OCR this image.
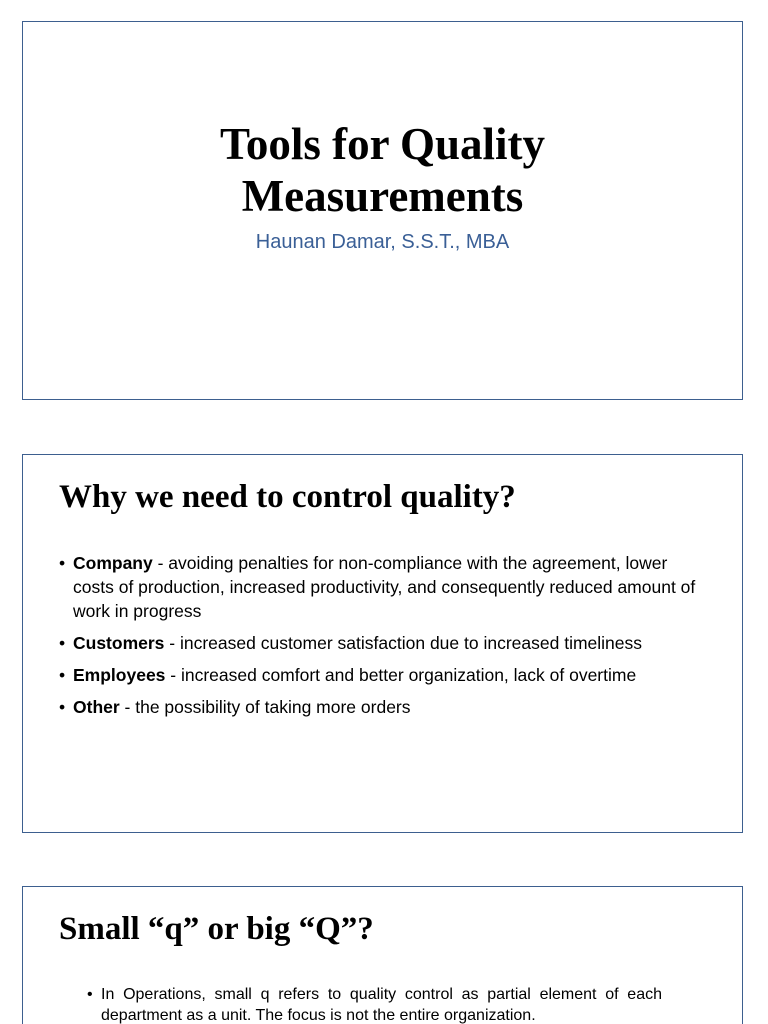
Tools for Quality
Measurements
Haunan Damar, S.S.T., MBA
Why we need to control quality?
• Company - avoiding penalties for non-compliance with the agreement, lower costs of production, increased productivity, and consequently reduced amount of work in progress
• Customers - increased customer satisfaction due to increased timeliness
• Employees - increased comfort and better organization, lack of overtime
• Other - the possibility of taking more orders
Small “q” or big “Q”?
• In Operations, small q refers to quality control as partial element of each department as a unit. The focus is not the entire organization.
